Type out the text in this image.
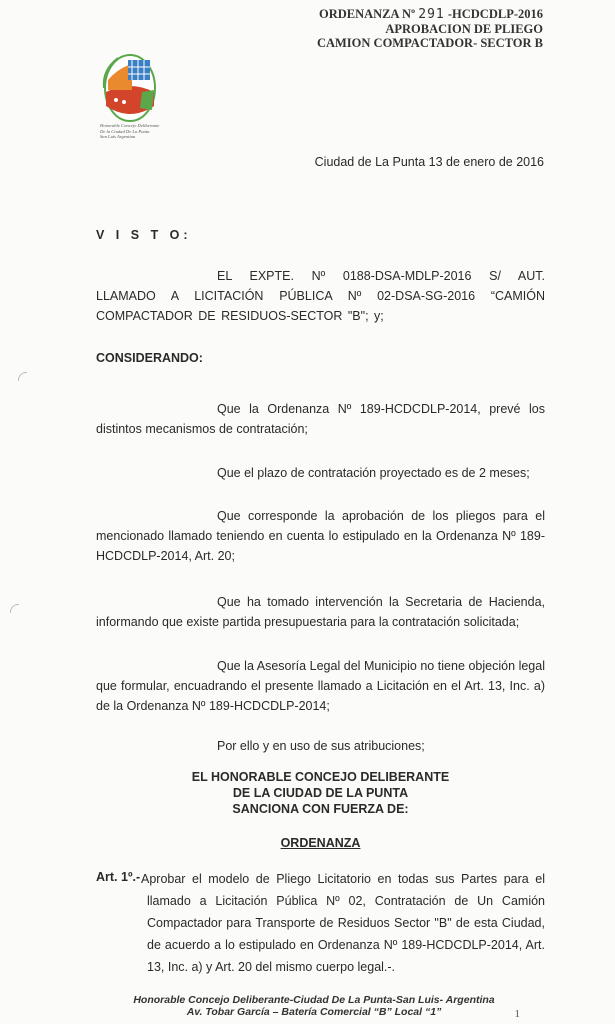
ORDENANZA Nº 291 -HCDCDLP-2016
APROBACION DE PLIEGO
CAMION COMPACTADOR- SECTOR B
Honorable Concejo Deliberante
De la Ciudad De La Punta
San Luis Argentina
Ciudad de La Punta 13 de enero de 2016
V I S T O:
EL EXPTE. Nº 0188-DSA-MDLP-2016 S/ AUT. LLAMADO A LICITACIÓN PÚBLICA Nº 02-DSA-SG-2016 “CAMIÓN COMPACTADOR DE RESIDUOS-SECTOR "B"; y;
CONSIDERANDO:
Que la Ordenanza Nº 189-HCDCDLP-2014, prevé los distintos mecanismos de contratación;
Que el plazo de contratación proyectado es de 2 meses;
Que corresponde la aprobación de los pliegos para el mencionado llamado teniendo en cuenta lo estipulado en la Ordenanza Nº 189-HCDCDLP-2014, Art. 20;
Que ha tomado intervención la Secretaria de Hacienda, informando que existe partida presupuestaria para la contratación solicitada;
Que la Asesoría Legal del Municipio no tiene objeción legal que formular, encuadrando el presente llamado a Licitación en el Art. 13, Inc. a) de la Ordenanza Nº 189-HCDCDLP-2014;
Por ello y en uso de sus atribuciones;
EL HONORABLE CONCEJO DELIBERANTE
DE LA CIUDAD DE LA PUNTA
SANCIONA CON FUERZA DE:
ORDENANZA
Art. 1º.- Aprobar el modelo de Pliego Licitatorio en todas sus Partes para el llamado a Licitación Pública Nº 02, Contratación de Un Camión Compactador para Transporte de Residuos Sector "B" de esta Ciudad, de acuerdo a lo estipulado en Ordenanza Nº 189-HCDCDLP-2014, Art. 13, Inc. a) y Art. 20 del mismo cuerpo legal.-.
Honorable Concejo Deliberante-Ciudad De La Punta-San Luis- Argentina
Av. Tobar García – Batería Comercial “B” Local “1”	1
